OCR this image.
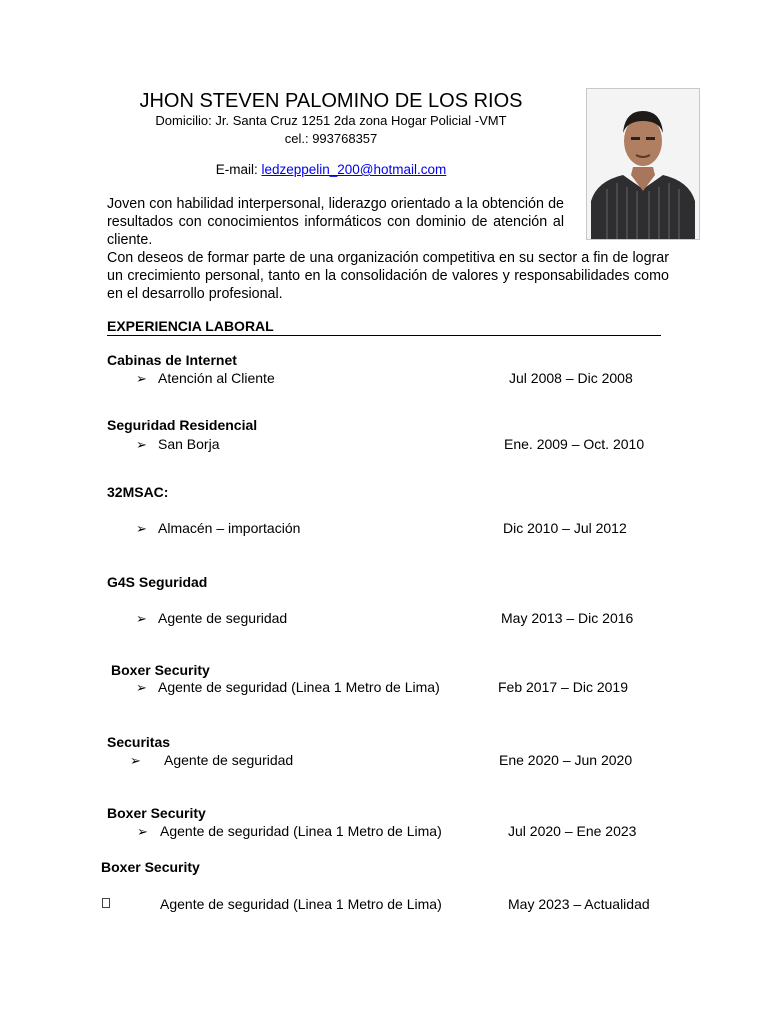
JHON STEVEN PALOMINO DE LOS RIOS
Domicilio: Jr. Santa Cruz 1251 2da zona Hogar Policial -VMT
cel.: 993768357
E-mail: ledzeppelin_200@hotmail.com
Joven con habilidad interpersonal, liderazgo orientado a la obtención de resultados con conocimientos informáticos con dominio de atención al cliente.
Con deseos de formar parte de una organización competitiva en su sector a fin de lograr un crecimiento personal, tanto en la consolidación de valores y responsabilidades como en el desarrollo profesional.
EXPERIENCIA LABORAL
Cabinas de Internet
➢ Atención al Cliente	Jul 2008 – Dic 2008
Seguridad Residencial
➢ San Borja	Ene. 2009 – Oct. 2010
32MSAC:
➢ Almacén – importación	Dic 2010 – Jul 2012
G4S Seguridad
➢ Agente de seguridad	May 2013 – Dic 2016
Boxer Security
➢ Agente de seguridad (Linea 1 Metro de Lima)	Feb 2017 – Dic 2019
Securitas
➢ Agente de seguridad	Ene 2020 – Jun 2020
Boxer Security
➢ Agente de seguridad (Linea 1 Metro de Lima)	Jul 2020 – Ene 2023
Boxer Security
Agente de seguridad (Linea 1 Metro de Lima)	May 2023 – Actualidad
